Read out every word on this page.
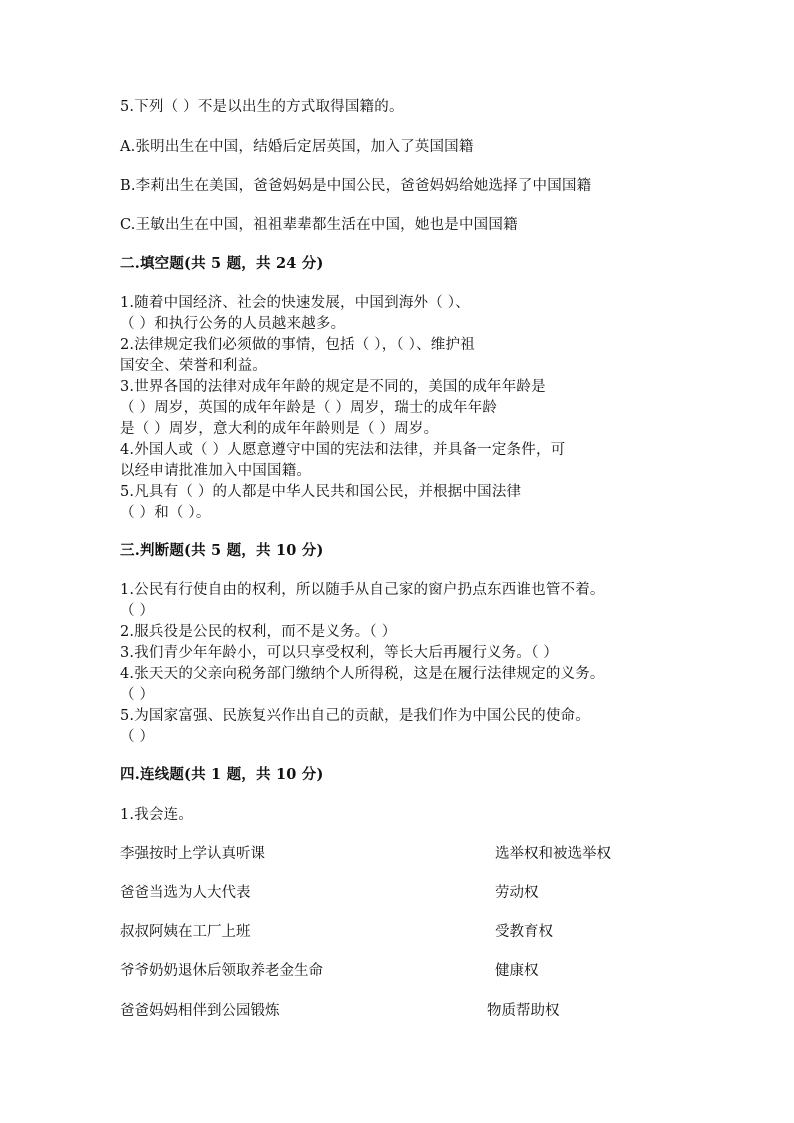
5.下列（ ）不是以出生的方式取得国籍的。
A.张明出生在中国，结婚后定居英国，加入了英国国籍
B.李莉出生在美国，爸爸妈妈是中国公民，爸爸妈妈给她选择了中国国籍
C.王敏出生在中国，祖祖辈辈都生活在中国，她也是中国国籍
二.填空题(共 5 题，共 24 分)
1.随着中国经济、社会的快速发展，中国到海外（ ）、
（ ）和执行公务的人员越来越多。
2.法律规定我们必须做的事情，包括（ ），（ ）、维护祖
国安全、荣誉和利益。
3.世界各国的法律对成年年龄的规定是不同的，美国的成年年龄是
（ ）周岁，英国的成年年龄是（ ）周岁，瑞士的成年年龄
是（ ）周岁，意大利的成年年龄则是（ ）周岁。
4.外国人或（ ）人愿意遵守中国的宪法和法律，并具备一定条件，可
以经申请批准加入中国国籍。
5.凡具有（ ）的人都是中华人民共和国公民，并根据中国法律
（ ）和（ ）。
三.判断题(共 5 题，共 10 分)
1.公民有行使自由的权利，所以随手从自己家的窗户扔点东西谁也管不着。
（ ）
2.服兵役是公民的权利，而不是义务。（ ）
3.我们青少年年龄小，可以只享受权利，等长大后再履行义务。（ ）
4.张天天的父亲向税务部门缴纳个人所得税，这是在履行法律规定的义务。
（ ）
5.为国家富强、民族复兴作出自己的贡献，是我们作为中国公民的使命。
（ ）
四.连线题(共 1 题，共 10 分)
1.我会连。
李强按时上学认真听课	选举权和被选举权
爸爸当选为人大代表	劳动权
叔叔阿姨在工厂上班	受教育权
爷爷奶奶退休后领取养老金生命	健康权
爸爸妈妈相伴到公园锻炼	物质帮助权
